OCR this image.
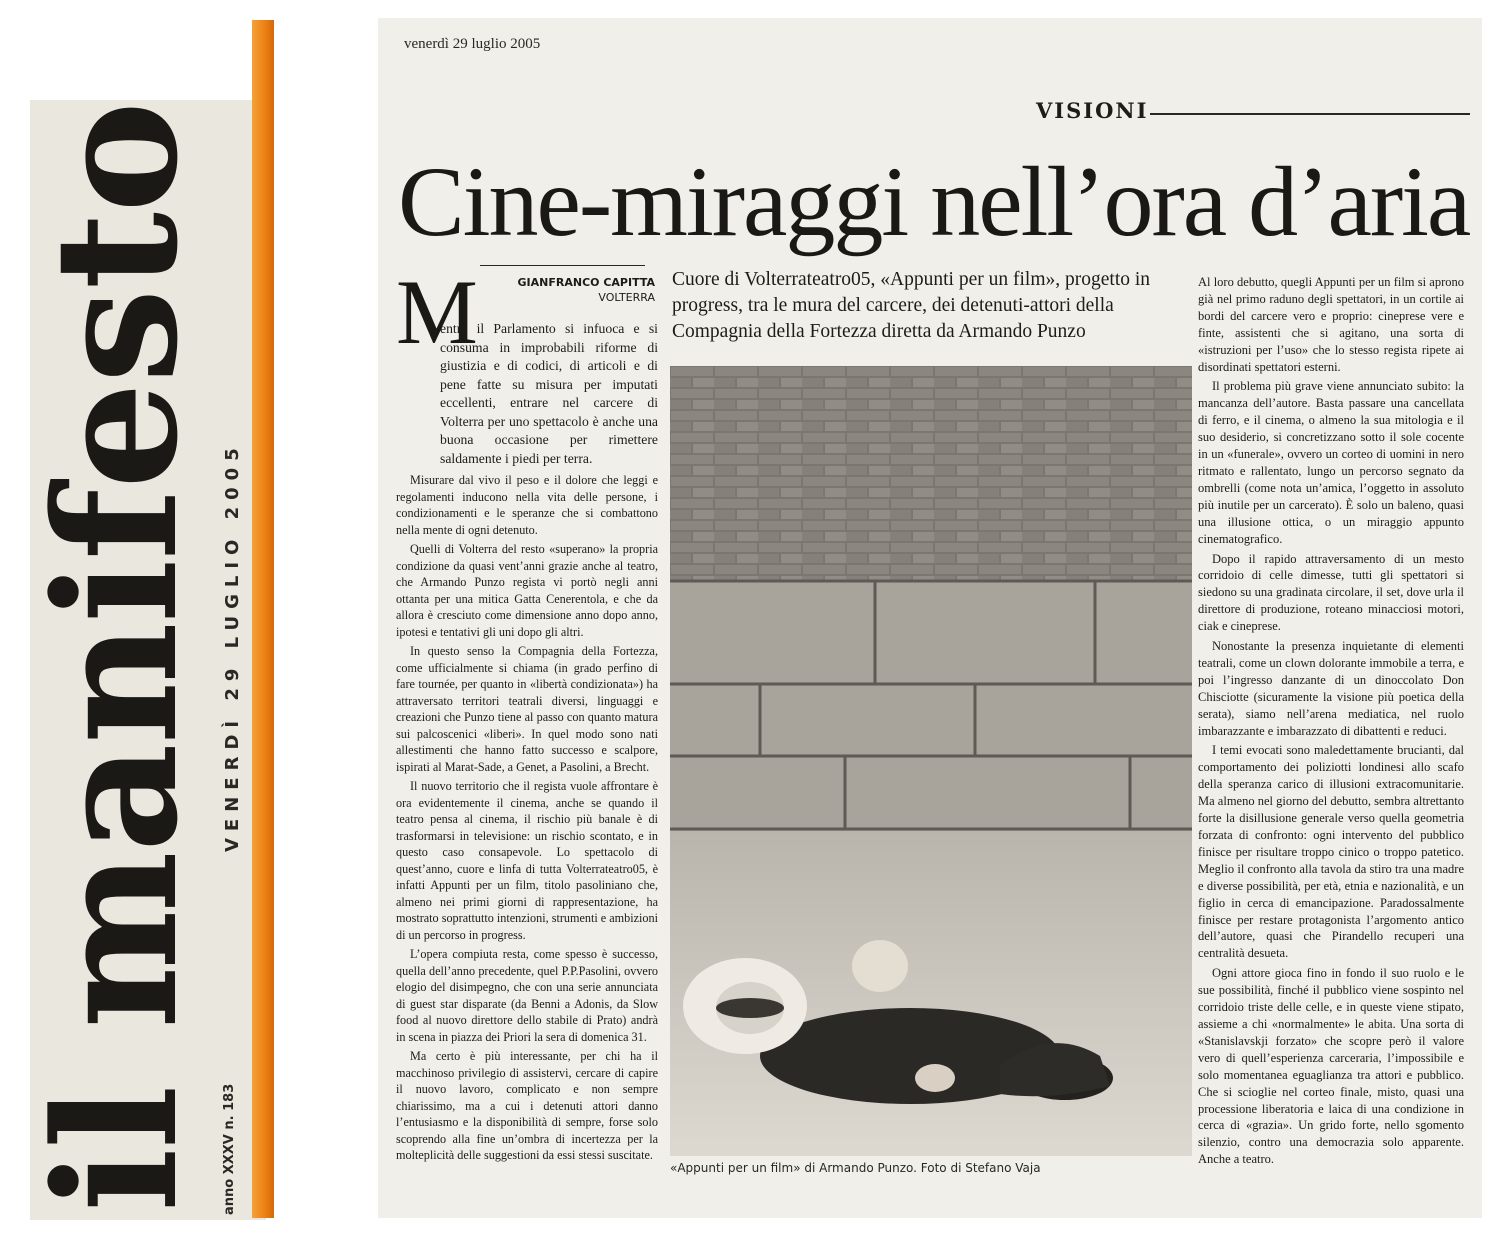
il manifesto VENERDÌ 29 LUGLIO 2005
anno XXXV n. 183
venerdì 29 luglio 2005
VISIONI
Cine-miraggi nell’ora d’aria
GIANFRANCO CAPITTA
VOLTERRA
M
entre il Parlamento si infuoca e si consuma in improbabili riforme di giustizia e di codici, di articoli e di pene fatte su misura per imputati eccellenti, entrare nel carcere di Volterra per uno spettacolo è anche una buona occasione per rimettere saldamente i piedi per terra.

Misurare dal vivo il peso e il dolore che leggi e regolamenti inducono nella vita delle persone, i condizionamenti e le speranze che si combattono nella mente di ogni detenuto.

Quelli di Volterra del resto «superano» la propria condizione da quasi vent’anni grazie anche al teatro, che Armando Punzo regista vi portò negli anni ottanta per una mitica Gatta Cenerentola, e che da allora è cresciuto come dimensione anno dopo anno, ipotesi e tentativi gli uni dopo gli altri.

In questo senso la Compagnia della Fortezza, come ufficialmente si chiama (in grado perfino di fare tournée, per quanto in «libertà condizionata») ha attraversato territori teatrali diversi, linguaggi e creazioni che Punzo tiene al passo con quanto matura sui palcoscenici «liberi». In quel modo sono nati allestimenti che hanno fatto successo e scalpore, ispirati al Marat-Sade, a Genet, a Pasolini, a Brecht.

Il nuovo territorio che il regista vuole affrontare è ora evidentemente il cinema, anche se quando il teatro pensa al cinema, il rischio più banale è di trasformarsi in televisione: un rischio scontato, e in questo caso consapevole. Lo spettacolo di quest’anno, cuore e linfa di tutta Volterrateatro05, è infatti Appunti per un film, titolo pasoliniano che, almeno nei primi giorni di rappresentazione, ha mostrato soprattutto intenzioni, strumenti e ambizioni di un percorso in progress.

L’opera compiuta resta, come spesso è successo, quella dell’anno precedente, quel P.P.Pasolini, ovvero elogio del disimpegno, che con una serie annunciata di guest star disparate (da Benni a Adonis, da Slow food al nuovo direttore dello stabile di Prato) andrà in scena in piazza dei Priori la sera di domenica 31.

Ma certo è più interessante, per chi ha il macchinoso privilegio di assistervi, cercare di capire il nuovo lavoro, complicato e non sempre chiarissimo, ma a cui i detenuti attori danno l’entusiasmo e la disponibilità di sempre, forse solo scoprendo alla fine un’ombra di incertezza per la molteplicità delle suggestioni da essi stessi suscitate.

Cuore di Volterrateatro05, «Appunti per un film», progetto in progress, tra le mura del carcere, dei detenuti-attori della Compagnia della Fortezza diretta da Armando Punzo
«Appunti per un film» di Armando Punzo. Foto di Stefano Vaja

Al loro debutto, quegli Appunti per un film si aprono già nel primo raduno degli spettatori, in un cortile ai bordi del carcere vero e proprio: cineprese vere e finte, assistenti che si agitano, una sorta di «istruzioni per l’uso» che lo stesso regista ripete ai disordinati spettatori esterni.

Il problema più grave viene annunciato subito: la mancanza dell’autore. Basta passare una cancellata di ferro, e il cinema, o almeno la sua mitologia e il suo desiderio, si concretizzano sotto il sole cocente in un «funerale», ovvero un corteo di uomini in nero ritmato e rallentato, lungo un percorso segnato da ombrelli (come nota un’amica, l’oggetto in assoluto più inutile per un carcerato). È solo un baleno, quasi una illusione ottica, o un miraggio appunto cinematografico.

Dopo il rapido attraversamento di un mesto corridoio di celle dimesse, tutti gli spettatori si siedono su una gradinata circolare, il set, dove urla il direttore di produzione, roteano minacciosi motori, ciak e cineprese.

Nonostante la presenza inquietante di elementi teatrali, come un clown dolorante immobile a terra, e poi l’ingresso danzante di un dinoccolato Don Chisciotte (sicuramente la visione più poetica della serata), siamo nell’arena mediatica, nel ruolo imbarazzante e imbarazzato di dibattenti e reduci.

I temi evocati sono maledettamente brucianti, dal comportamento dei poliziotti londinesi allo scafo della speranza carico di illusioni extracomunitarie. Ma almeno nel giorno del debutto, sembra altrettanto forte la disillusione generale verso quella geometria forzata di confronto: ogni intervento del pubblico finisce per risultare troppo cinico o troppo patetico. Meglio il confronto alla tavola da stiro tra una madre e diverse possibilità, per età, etnia e nazionalità, e un figlio in cerca di emancipazione. Paradossalmente finisce per restare protagonista l’argomento antico dell’autore, quasi che Pirandello recuperi una centralità desueta.

Ogni attore gioca fino in fondo il suo ruolo e le sue possibilità, finché il pubblico viene sospinto nel corridoio triste delle celle, e in queste viene stipato, assieme a chi «normalmente» le abita. Una sorta di «Stanislavskji forzato» che scopre però il valore vero di quell’esperienza carceraria, l’impossibile e solo momentanea eguaglianza tra attori e pubblico. Che si scioglie nel corteo finale, misto, quasi una processione liberatoria e laica di una condizione in cerca di «grazia». Un grido forte, nello sgomento silenzio, contro una democrazia solo apparente. Anche a teatro.
